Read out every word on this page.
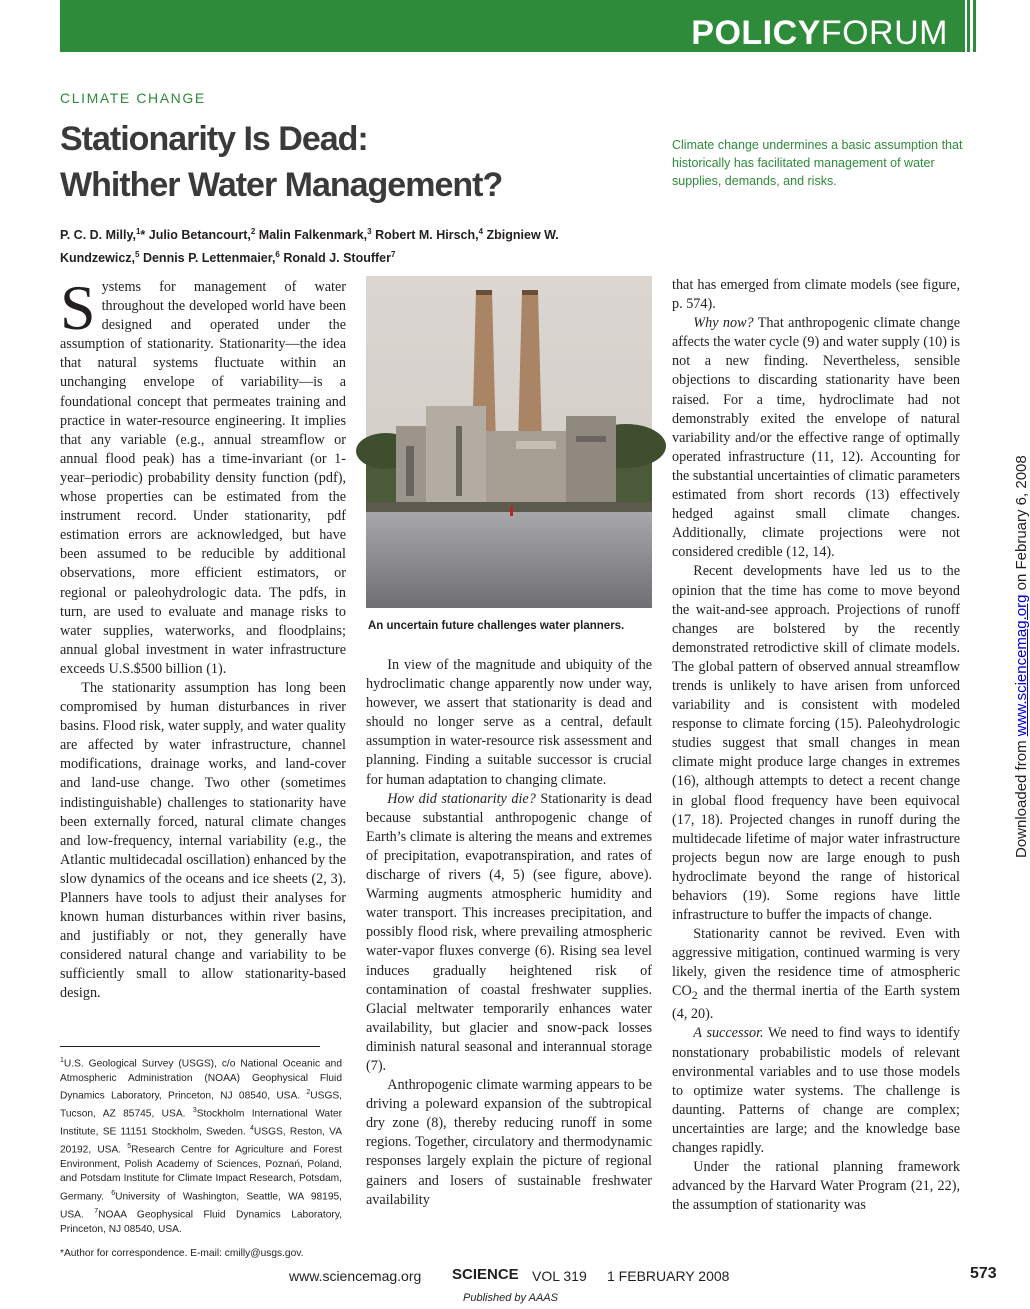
POLICYFORUM
CLIMATE CHANGE
Stationarity Is Dead:
Whither Water Management?
Climate change undermines a basic assumption that historically has facilitated management of water supplies, demands, and risks.
P. C. D. Milly,$^1$* Julio Betancourt,$^2$ Malin Falkenmark,$^3$ Robert M. Hirsch,$^4$ Zbigniew W. Kundzewicz,$^5$ Dennis P. Lettenmaier,$^6$ Ronald J. Stouffer$^7$

Systems for management of water throughout the developed world have been designed and operated under the assumption of stationarity. Stationarity—the idea that natural systems fluctuate within an unchanging envelope of variability—is a foundational concept that permeates training and practice in water-resource engineering. It implies that any variable (e.g., annual streamflow or annual flood peak) has a time-invariant (or 1-year–periodic) probability density function (pdf), whose properties can be estimated from the instrument record. Under stationarity, pdf estimation errors are acknowledged, but have been assumed to be reducible by additional observations, more efficient estimators, or regional or paleohydrologic data. The pdfs, in turn, are used to evaluate and manage risks to water supplies, waterworks, and floodplains; annual global investment in water infrastructure exceeds U.S.$500 billion (1).

The stationarity assumption has long been compromised by human disturbances in river basins. Flood risk, water supply, and water quality are affected by water infrastructure, channel modifications, drainage works, and land-cover and land-use change. Two other (sometimes indistinguishable) challenges to stationarity have been externally forced, natural climate changes and low-frequency, internal variability (e.g., the Atlantic multidecadal oscillation) enhanced by the slow dynamics of the oceans and ice sheets (2, 3). Planners have tools to adjust their analyses for known human disturbances within river basins, and justifiably or not, they generally have considered natural change and variability to be sufficiently small to allow stationarity-based design.

An uncertain future challenges water planners.

In view of the magnitude and ubiquity of the hydroclimatic change apparently now under way, however, we assert that stationarity is dead and should no longer serve as a central, default assumption in water-resource risk assessment and planning. Finding a suitable successor is crucial for human adaptation to changing climate.

How did stationarity die? Stationarity is dead because substantial anthropogenic change of Earth’s climate is altering the means and extremes of precipitation, evapotranspiration, and rates of discharge of rivers (4, 5) (see figure, above). Warming augments atmospheric humidity and water transport. This increases precipitation, and possibly flood risk, where prevailing atmospheric water-vapor fluxes converge (6). Rising sea level induces gradually heightened risk of contamination of coastal freshwater supplies. Glacial meltwater temporarily enhances water availability, but glacier and snow-pack losses diminish natural seasonal and interannual storage (7).

Anthropogenic climate warming appears to be driving a poleward expansion of the subtropical dry zone (8), thereby reducing runoff in some regions. Together, circulatory and thermodynamic responses largely explain the picture of regional gainers and losers of sustainable freshwater availability

that has emerged from climate models (see figure, p. 574).

Why now? That anthropogenic climate change affects the water cycle (9) and water supply (10) is not a new finding. Nevertheless, sensible objections to discarding stationarity have been raised. For a time, hydroclimate had not demonstrably exited the envelope of natural variability and/or the effective range of optimally operated infrastructure (11, 12). Accounting for the substantial uncertainties of climatic parameters estimated from short records (13) effectively hedged against small climate changes. Additionally, climate projections were not considered credible (12, 14).

Recent developments have led us to the opinion that the time has come to move beyond the wait-and-see approach. Projections of runoff changes are bolstered by the recently demonstrated retrodictive skill of climate models. The global pattern of observed annual streamflow trends is unlikely to have arisen from unforced variability and is consistent with modeled response to climate forcing (15). Paleohydrologic studies suggest that small changes in mean climate might produce large changes in extremes (16), although attempts to detect a recent change in global flood frequency have been equivocal (17, 18). Projected changes in runoff during the multidecade lifetime of major water infrastructure projects begun now are large enough to push hydroclimate beyond the range of historical behaviors (19). Some regions have little infrastructure to buffer the impacts of change.

Stationarity cannot be revived. Even with aggressive mitigation, continued warming is very likely, given the residence time of atmospheric $CO_2$ and the thermal inertia of the Earth system (4, 20).

A successor. We need to find ways to identify nonstationary probabilistic models of relevant environmental variables and to use those models to optimize water systems. The challenge is daunting. Patterns of change are complex; uncertainties are large; and the knowledge base changes rapidly.

Under the rational planning framework advanced by the Harvard Water Program (21, 22), the assumption of stationarity was

$^1$U.S. Geological Survey (USGS), c/o National Oceanic and Atmospheric Administration (NOAA) Geophysical Fluid Dynamics Laboratory, Princeton, NJ 08540, USA. $^2$USGS, Tucson, AZ 85745, USA. $^3$Stockholm International Water Institute, SE 11151 Stockholm, Sweden. $^4$USGS, Reston, VA 20192, USA. $^5$Research Centre for Agriculture and Forest Environment, Polish Academy of Sciences, Poznań, Poland, and Potsdam Institute for Climate Impact Research, Potsdam, Germany. $^6$University of Washington, Seattle, WA 98195, USA. $^7$NOAA Geophysical Fluid Dynamics Laboratory, Princeton, NJ 08540, USA.

*Author for correspondence. E-mail: cmilly@usgs.gov.

www.sciencemag.org SCIENCE VOL 319 1 FEBRUARY 2008	573
Published by AAAS
Downloaded from www.sciencemag.org on February 6, 2008
